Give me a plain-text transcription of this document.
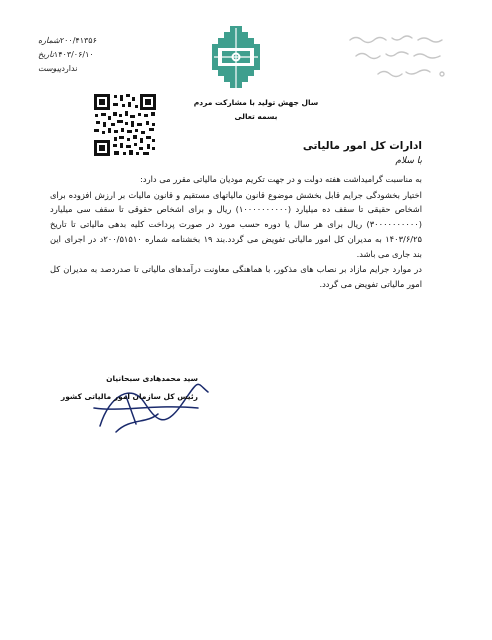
شماره ۲۰۰/۴۱۳۵۶
تاریخ ۱۴۰۳/۰۶/۱۰
پیوست ندارد
سال جهش تولید با مشارکت مردم
بسمه تعالی
ادارات کل امور مالیاتی
با سلام

به مناسبت گرامیداشت هفته دولت و در جهت تکریم مودیان مالیاتی مقرر می دارد:

اختیار بخشودگی جرایم قابل بخشش موضوع قانون مالیاتهای مستقیم و قانون مالیات بر ارزش افزوده برای اشخاص حقیقی تا سقف ده میلیارد (۱۰۰۰۰۰۰۰۰۰۰) ریال و برای اشخاص حقوقی تا سقف سی میلیارد (۳۰۰۰۰۰۰۰۰۰۰) ریال برای هر سال یا دوره حسب مورد در صورت پرداخت کلیه بدهی مالیاتی تا تاریخ ۱۴۰۳/۶/۲۵ به مدیران کل امور مالیاتی تفویض می گردد.بند ۱۹ بخشنامه شماره ۲۰۰/۵۱۵۱۰د در اجرای این بند جاری می باشد.

در موارد جرایم مازاد بر نصاب های مذکور، با هماهنگی معاونت درآمدهای مالیاتی تا صدردصد به مدیران کل امور مالیاتی تفویض می گردد.

سید محمدهادی سبحانیان
رئیس کل سازمان امور مالیاتی کشور
